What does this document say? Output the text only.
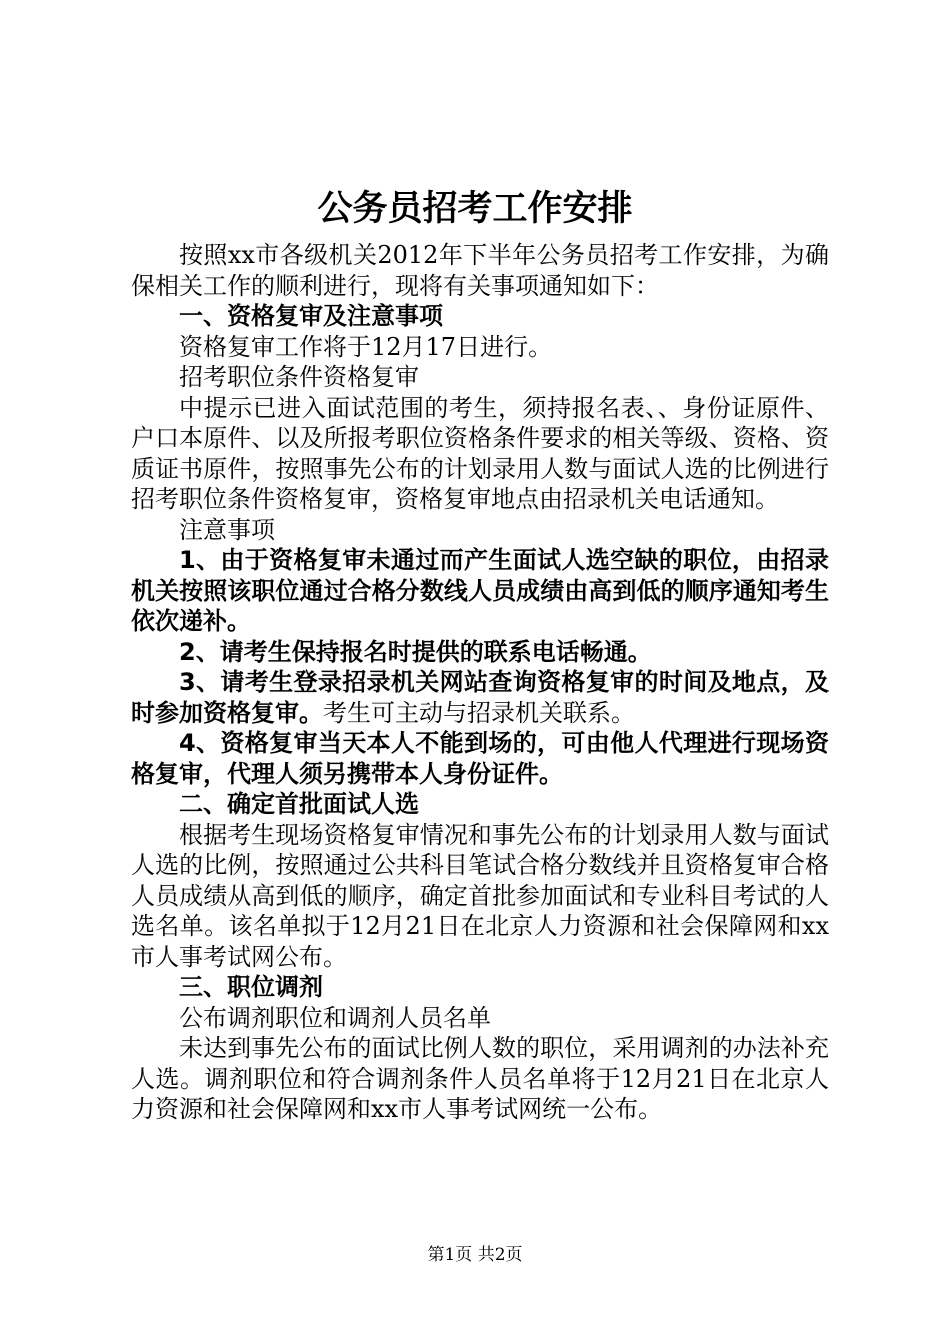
公务员招考工作安排

按照xx市各级机关2012年下半年公务员招考工作安排，为确保相关工作的顺利进行，现将有关事项通知如下：

一、资格复审及注意事项

资格复审工作将于12月17日进行。

招考职位条件资格复审

中提示已进入面试范围的考生，须持报名表、、身份证原件、户口本原件、以及所报考职位资格条件要求的相关等级、资格、资质证书原件，按照事先公布的计划录用人数与面试人选的比例进行招考职位条件资格复审，资格复审地点由招录机关电话通知。

注意事项

1、由于资格复审未通过而产生面试人选空缺的职位，由招录机关按照该职位通过合格分数线人员成绩由高到低的顺序通知考生依次递补。

2、请考生保持报名时提供的联系电话畅通。

3、请考生登录招录机关网站查询资格复审的时间及地点，及时参加资格复审。考生可主动与招录机关联系。

4、资格复审当天本人不能到场的，可由他人代理进行现场资格复审，代理人须另携带本人身份证件。

二、确定首批面试人选

根据考生现场资格复审情况和事先公布的计划录用人数与面试人选的比例，按照通过公共科目笔试合格分数线并且资格复审合格人员成绩从高到低的顺序，确定首批参加面试和专业科目考试的人选名单。该名单拟于12月21日在北京人力资源和社会保障网和xx市人事考试网公布。

三、职位调剂

公布调剂职位和调剂人员名单

未达到事先公布的面试比例人数的职位，采用调剂的办法补充人选。调剂职位和符合调剂条件人员名单将于12月21日在北京人力资源和社会保障网和xx市人事考试网统一公布。

第1页 共2页
